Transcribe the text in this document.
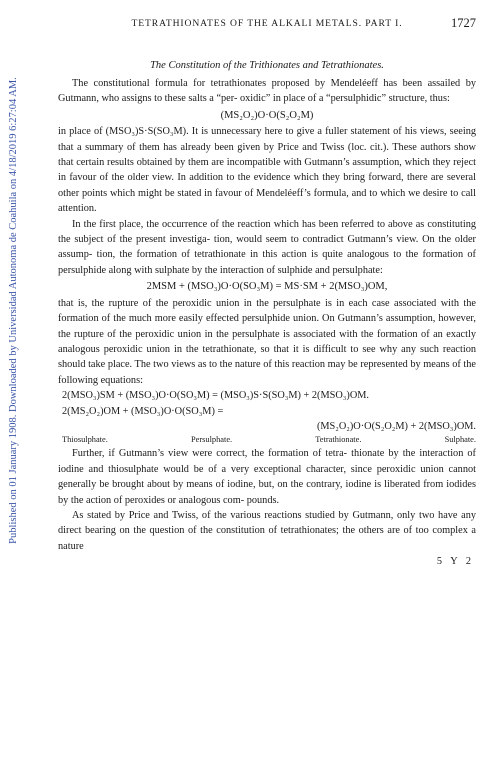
Published on 01 January 1908. Downloaded by Universidad Autonoma de Coahuila on 4/18/2019 6:27:04 AM.
TETRATHIONATES OF THE ALKALI METALS. PART I.	1727
The Constitution of the Trithionates and Tetrathionates.

The constitutional formula for tetrathionates proposed by Mendeléeff has been assailed by Gutmann, who assigns to these salts a “per- oxidic” in place of a “persulphidic” structure, thus:

(MS₂O₂)O·O(S₂O₂M)

in place of (MSO₃)S·S(SO₃M). It is unnecessary here to give a fuller statement of his views, seeing that a summary of them has already been given by Price and Twiss (loc. cit.). These authors show that certain results obtained by them are incompatible with Gutmann’s assumption, which they reject in favour of the older view. In addition to the evidence which they bring forward, there are several other points which might be stated in favour of Mendeléeff’s formula, and to which we desire to call attention.

In the first place, the occurrence of the reaction which has been referred to above as constituting the subject of the present investiga- tion, would seem to contradict Gutmann’s view. On the older assump- tion, the formation of tetrathionate in this action is quite analogous to the formation of persulphide along with sulphate by the interaction of sulphide and persulphate:

2MSM + (MSO₃)O·O(SO₃M) = MS·SM + 2(MSO₃)OM,

that is, the rupture of the peroxidic union in the persulphate is in each case associated with the formation of the much more easily effected persulphide union. On Gutmann’s assumption, however, the rupture of the peroxidic union in the persulphate is associated with the formation of an exactly analogous peroxidic union in the tetrathionate, so that it is difficult to see why any such reaction should take place. The two views as to the nature of this reaction may be represented by means of the following equations:

2(MSO₃)SM + (MSO₃)O·O(SO₃M) = (MSO₃)S·S(SO₃M) + 2(MSO₃)OM.
2(MS₂O₂)OM + (MSO₃)O·O(SO₃M) =
(MS₂O₂)O·O(S₂O₂M) + 2(MSO₃)OM.
Thiosulphate.	Persulphate.	Tetrathionate.	Sulphate.

Further, if Gutmann’s view were correct, the formation of tetra- thionate by the interaction of iodine and thiosulphate would be of a very exceptional character, since peroxidic union cannot generally be brought about by means of iodine, but, on the contrary, iodine is liberated from iodides by the action of peroxides or analogous com- pounds.

As stated by Price and Twiss, of the various reactions studied by Gutmann, only two have any direct bearing on the question of the constitution of tetrathionates; the others are of too complex a nature

5 Y 2
